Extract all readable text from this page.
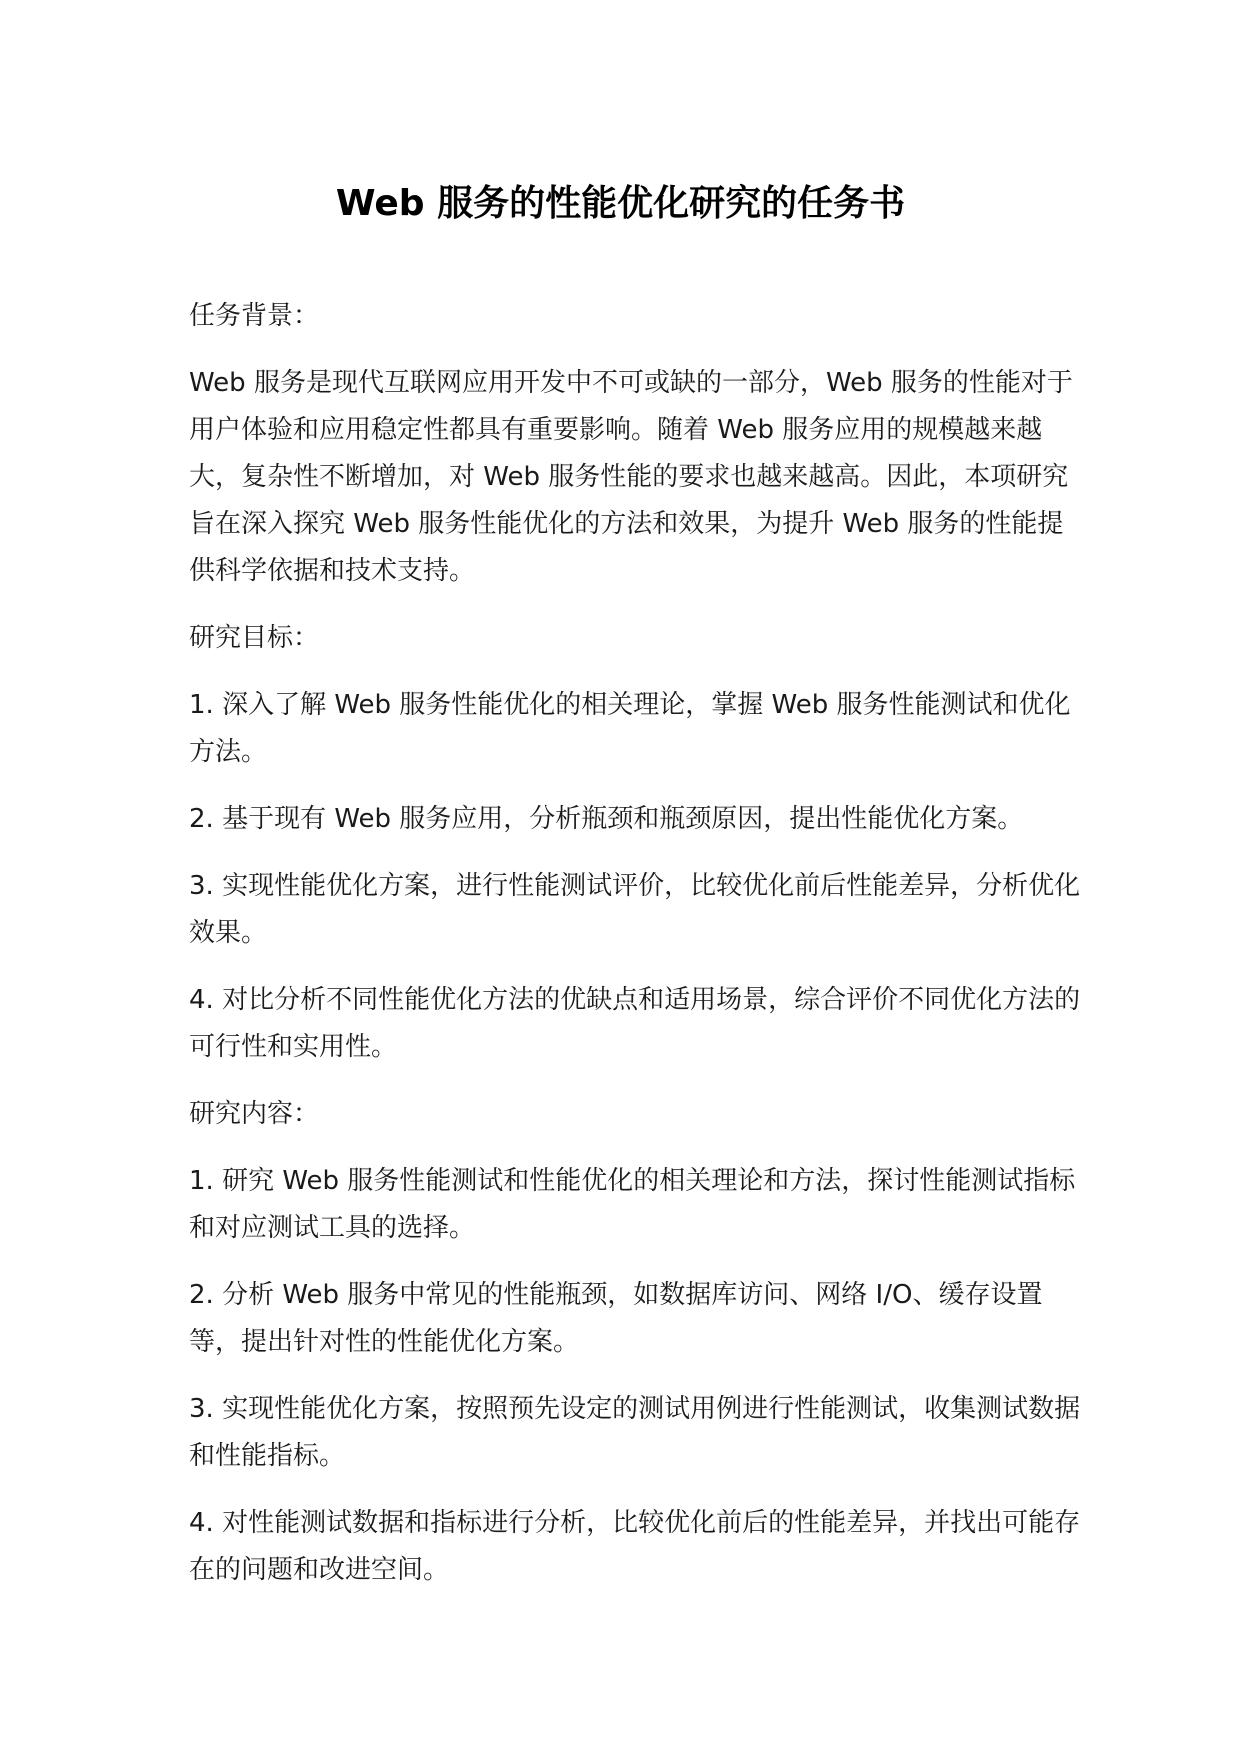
Web 服务的性能优化研究的任务书

任务背景：

Web 服务是现代互联网应用开发中不可或缺的一部分，Web 服务的性能对于用户体验和应用稳定性都具有重要影响。随着 Web 服务应用的规模越来越大，复杂性不断增加，对 Web 服务性能的要求也越来越高。因此，本项研究旨在深入探究 Web 服务性能优化的方法和效果，为提升 Web 服务的性能提供科学依据和技术支持。

研究目标：

1. 深入了解 Web 服务性能优化的相关理论，掌握 Web 服务性能测试和优化方法。

2. 基于现有 Web 服务应用，分析瓶颈和瓶颈原因，提出性能优化方案。

3. 实现性能优化方案，进行性能测试评价，比较优化前后性能差异，分析优化效果。

4. 对比分析不同性能优化方法的优缺点和适用场景，综合评价不同优化方法的可行性和实用性。

研究内容：

1. 研究 Web 服务性能测试和性能优化的相关理论和方法，探讨性能测试指标和对应测试工具的选择。

2. 分析 Web 服务中常见的性能瓶颈，如数据库访问、网络 I/O、缓存设置等，提出针对性的性能优化方案。

3. 实现性能优化方案，按照预先设定的测试用例进行性能测试，收集测试数据和性能指标。

4. 对性能测试数据和指标进行分析，比较优化前后的性能差异，并找出可能存在的问题和改进空间。
